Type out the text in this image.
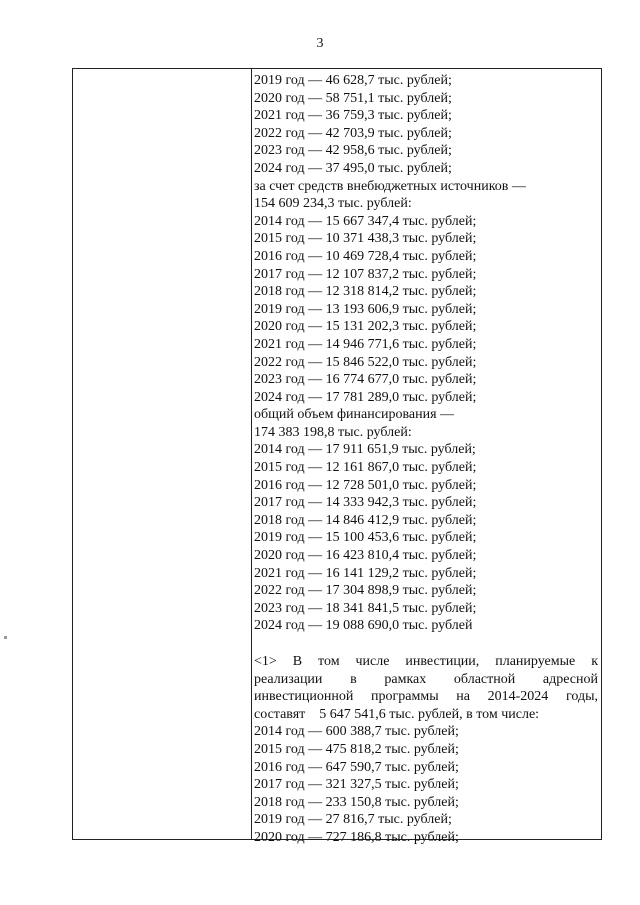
3
2019 год — 46 628,7 тыс. рублей;
2020 год — 58 751,1 тыс. рублей;
2021 год — 36 759,3 тыс. рублей;
2022 год — 42 703,9 тыс. рублей;
2023 год — 42 958,6 тыс. рублей;
2024 год — 37 495,0 тыс. рублей;
за счет средств внебюджетных источников —
154 609 234,3 тыс. рублей:
2014 год — 15 667 347,4 тыс. рублей;
2015 год — 10 371 438,3 тыс. рублей;
2016 год — 10 469 728,4 тыс. рублей;
2017 год — 12 107 837,2 тыс. рублей;
2018 год — 12 318 814,2 тыс. рублей;
2019 год — 13 193 606,9 тыс. рублей;
2020 год — 15 131 202,3 тыс. рублей;
2021 год — 14 946 771,6 тыс. рублей;
2022 год — 15 846 522,0 тыс. рублей;
2023 год — 16 774 677,0 тыс. рублей;
2024 год — 17 781 289,0 тыс. рублей;
общий объем финансирования —
174 383 198,8 тыс. рублей:
2014 год — 17 911 651,9 тыс. рублей;
2015 год — 12 161 867,0 тыс. рублей;
2016 год — 12 728 501,0 тыс. рублей;
2017 год — 14 333 942,3 тыс. рублей;
2018 год — 14 846 412,9 тыс. рублей;
2019 год — 15 100 453,6 тыс. рублей;
2020 год — 16 423 810,4 тыс. рублей;
2021 год — 16 141 129,2 тыс. рублей;
2022 год — 17 304 898,9 тыс. рублей;
2023 год — 18 341 841,5 тыс. рублей;
2024 год — 19 088 690,0 тыс. рублей
<1> В том числе инвестиции, планируемые к
реализации в рамках областной адресной
инвестиционной программы на 2014-2024 годы,
составят    5 647 541,6 тыс. рублей, в том числе:
2014 год — 600 388,7 тыс. рублей;
2015 год — 475 818,2 тыс. рублей;
2016 год — 647 590,7 тыс. рублей;
2017 год — 321 327,5 тыс. рублей;
2018 год — 233 150,8 тыс. рублей;
2019 год — 27 816,7 тыс. рублей;
2020 год — 727 186,8 тыс. рублей;
